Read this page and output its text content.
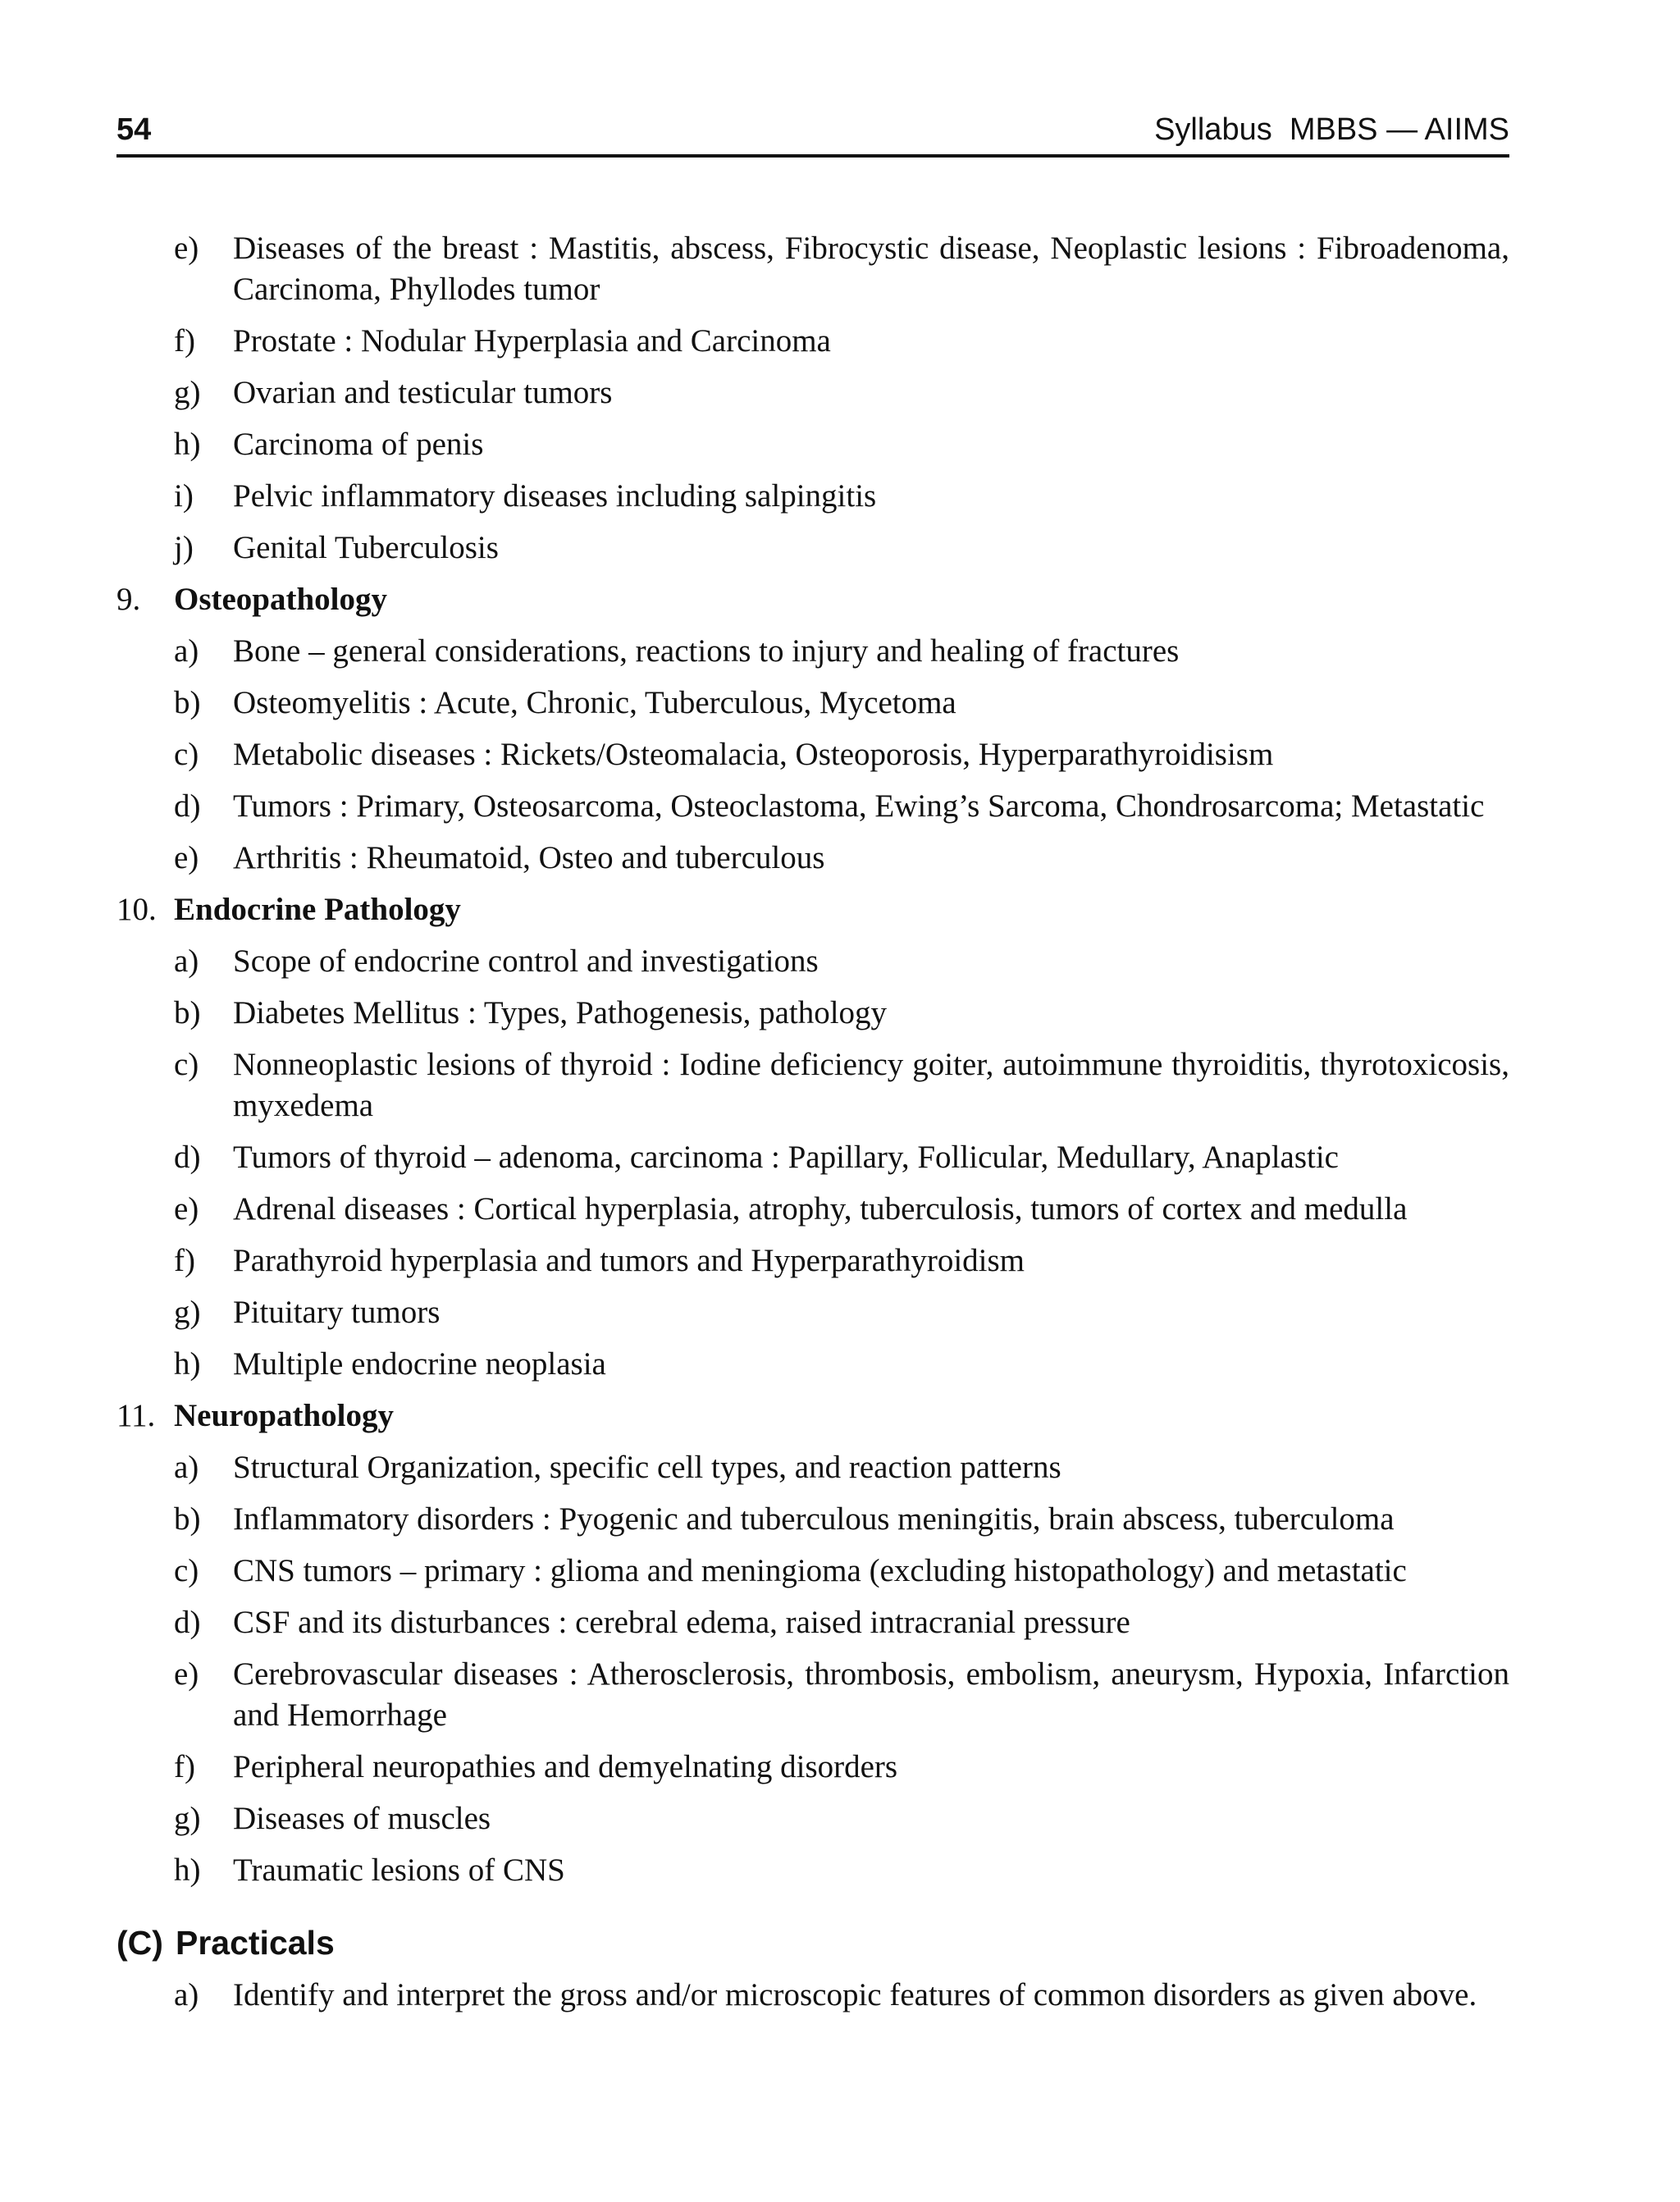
54	Syllabus  MBBS — AIIMS
e)	Diseases of the breast : Mastitis, abscess, Fibrocystic disease, Neoplastic lesions : Fibroadenoma, Carcinoma, Phyllodes tumor
f)	Prostate : Nodular Hyperplasia and Carcinoma
g)	Ovarian and testicular tumors
h)	Carcinoma of penis
i)	Pelvic inflammatory diseases including salpingitis
j)	Genital Tuberculosis
9.	Osteopathology
a)	Bone – general considerations, reactions to injury and healing of fractures
b)	Osteomyelitis : Acute, Chronic, Tuberculous, Mycetoma
c)	Metabolic diseases : Rickets/Osteomalacia, Osteoporosis, Hyperparathyroidisism
d)	Tumors : Primary, Osteosarcoma, Osteoclastoma, Ewing’s Sarcoma, Chondrosarcoma; Metastatic
e)	Arthritis : Rheumatoid, Osteo and tuberculous
10. Endocrine Pathology
a)	Scope of endocrine control and investigations
b)	Diabetes Mellitus : Types, Pathogenesis, pathology
c)	Nonneoplastic lesions of thyroid : Iodine deficiency goiter, autoimmune thyroiditis, thyrotoxicosis, myxedema
d)	Tumors of thyroid – adenoma, carcinoma : Papillary, Follicular, Medullary, Anaplastic
e)	Adrenal diseases : Cortical hyperplasia, atrophy, tuberculosis, tumors of cortex and medulla
f)	Parathyroid hyperplasia and tumors and Hyperparathyroidism
g)	Pituitary tumors
h)	Multiple endocrine neoplasia
11. Neuropathology
a)	Structural Organization, specific cell types, and reaction patterns
b)	Inflammatory disorders : Pyogenic and tuberculous meningitis, brain abscess, tuberculoma
c)	CNS tumors – primary : glioma and meningioma (excluding histopathology) and metastatic
d)	CSF and its disturbances : cerebral edema, raised intracranial pressure
e)	Cerebrovascular diseases : Atherosclerosis, thrombosis, embolism, aneurysm, Hypoxia, Infarction and Hemorrhage
f)	Peripheral neuropathies and demyelnating disorders
g)	Diseases of muscles
h)	Traumatic lesions of CNS
(C) Practicals
a)	Identify and interpret the gross and/or microscopic features of common disorders as given above.
